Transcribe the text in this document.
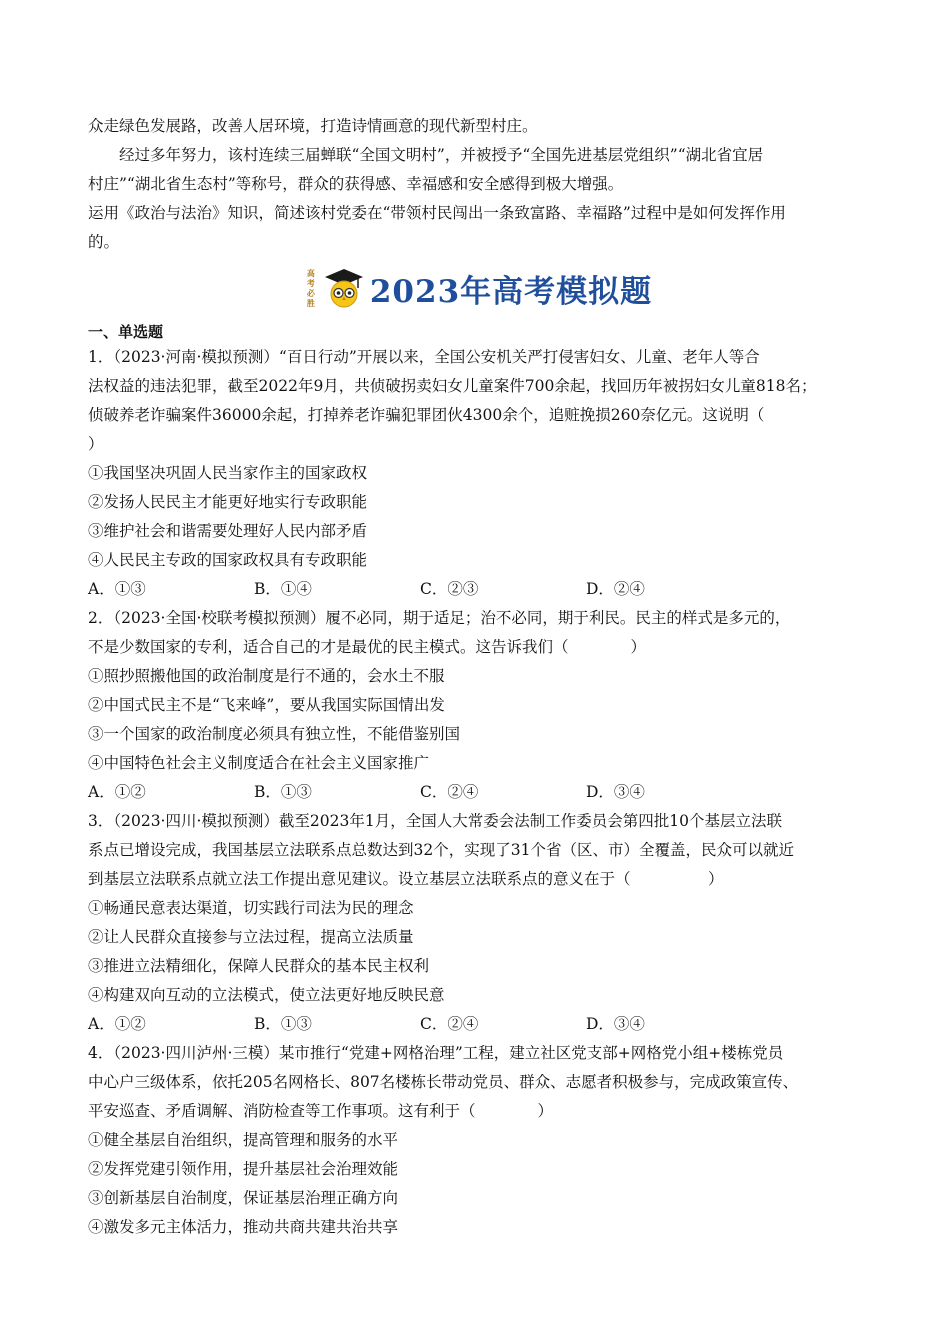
众走绿色发展路，改善人居环境，打造诗情画意的现代新型村庄。

经过多年努力，该村连续三届蝉联“全国文明村”，并被授予“全国先进基层党组织”“湖北省宜居

村庄”“湖北省生态村”等称号，群众的获得感、幸福感和安全感得到极大增强。

运用《政治与法治》知识，简述该村党委在“带领村民闯出一条致富路、幸福路”过程中是如何发挥作用

的。

高考必胜 2023年高考模拟题
一、单选题

1．（2023·河南·模拟预测）“百日行动”开展以来，全国公安机关严打侵害妇女、儿童、老年人等合

法权益的违法犯罪，截至2022年9月，共侦破拐卖妇女儿童案件700余起，找回历年被拐妇女儿童818名；

侦破养老诈骗案件36000余起，打掉养老诈骗犯罪团伙4300余个，追赃挽损260奈亿元。这说明（

）

①我国坚决巩固人民当家作主的国家政权

②发扬人民民主才能更好地实行专政职能

③维护社会和谐需要处理好人民内部矛盾

④人民民主专政的国家政权具有专政职能

A．①③	B．①④	C．②③	D．②④

2．（2023·全国·校联考模拟预测）履不必同，期于适足；治不必同，期于利民。民主的样式是多元的，

不是少数国家的专利，适合自己的才是最优的民主模式。这告诉我们（　　　　）

①照抄照搬他国的政治制度是行不通的，会水土不服

②中国式民主不是“飞来峰”，要从我国实际国情出发

③一个国家的政治制度必须具有独立性，不能借鉴别国

④中国特色社会主义制度适合在社会主义国家推广

A．①②	B．①③	C．②④	D．③④

3．（2023·四川·模拟预测）截至2023年1月，全国人大常委会法制工作委员会第四批10个基层立法联

系点已增设完成，我国基层立法联系点总数达到32个，实现了31个省（区、市）全覆盖，民众可以就近

到基层立法联系点就立法工作提出意见建议。设立基层立法联系点的意义在于（　　　　　）

①畅通民意表达渠道，切实践行司法为民的理念

②让人民群众直接参与立法过程，提高立法质量

③推进立法精细化，保障人民群众的基本民主权利

④构建双向互动的立法模式，使立法更好地反映民意

A．①②	B．①③	C．②④	D．③④

4．（2023·四川泸州·三模）某市推行“党建+网格治理”工程，建立社区党支部+网格党小组+楼栋党员

中心户三级体系，依托205名网格长、807名楼栋长带动党员、群众、志愿者积极参与，完成政策宣传、

平安巡查、矛盾调解、消防检查等工作事项。这有利于（　　　　）

①健全基层自治组织，提高管理和服务的水平

②发挥党建引领作用，提升基层社会治理效能

③创新基层自治制度，保证基层治理正确方向

④激发多元主体活力，推动共商共建共治共享
